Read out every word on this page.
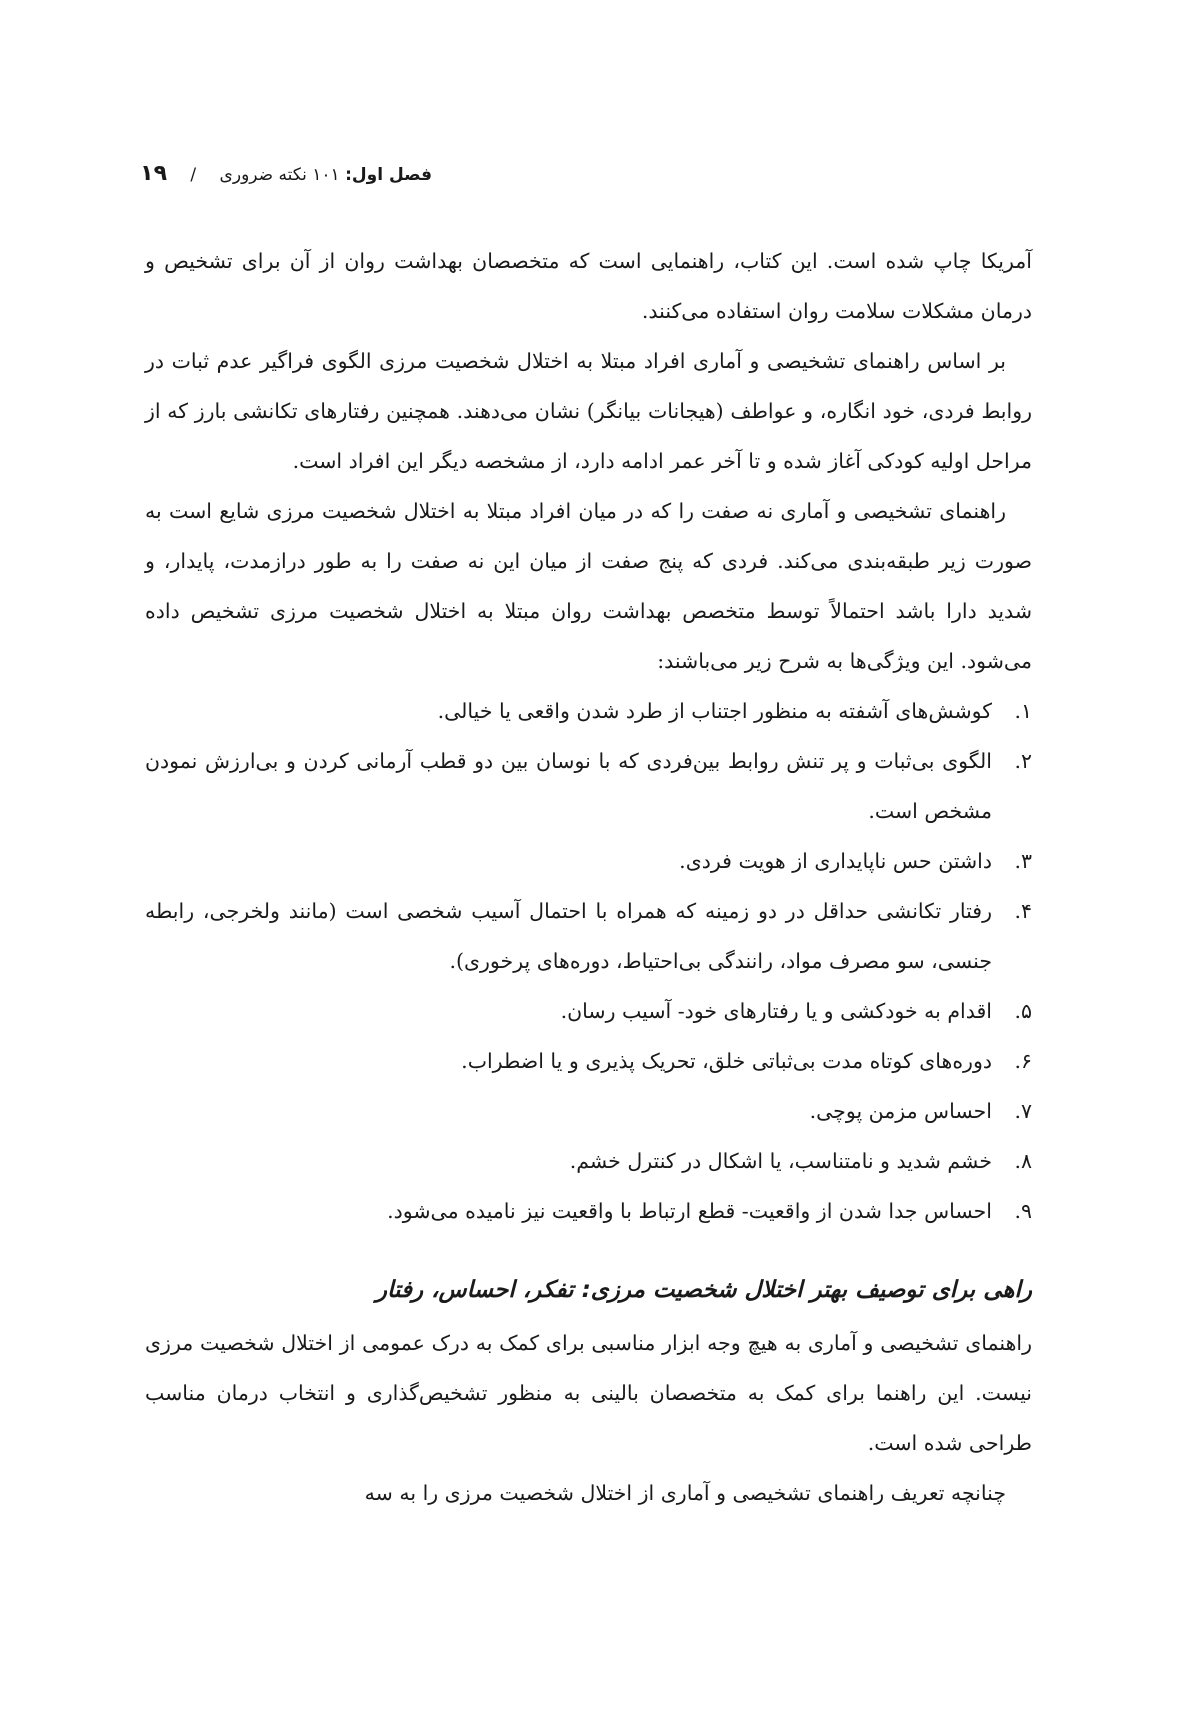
فصل اول: ۱۰۱ نکته ضروری / ۱۹

آمریکا چاپ شده است. این کتاب، راهنمایی است که متخصصان بهداشت روان از آن برای تشخیص و درمان مشکلات سلامت روان استفاده می‌کنند.

بر اساس راهنمای تشخیصی و آماری افراد مبتلا به اختلال شخصیت مرزی الگوی فراگیر عدم ثبات در روابط فردی، خود انگاره، و عواطف (هیجانات بیانگر) نشان می‌دهند. همچنین رفتارهای تکانشی بارز که از مراحل اولیه کودکی آغاز شده و تا آخر عمر ادامه دارد، از مشخصه دیگر این افراد است.

راهنمای تشخیصی و آماری نه صفت را که در میان افراد مبتلا به اختلال شخصیت مرزی شایع است به صورت زیر طبقه‌بندی می‌کند. فردی که پنج صفت از میان این نه صفت را به طور درازمدت، پایدار، و شدید دارا باشد احتمالاً توسط متخصص بهداشت روان مبتلا به اختلال شخصیت مرزی تشخیص داده می‌شود. این ویژگی‌ها به شرح زیر می‌باشند:

۱.
کوشش‌های آشفته به منظور اجتناب از طرد شدن واقعی یا خیالی.
۲.
الگوی بی‌ثبات و پر تنش روابط بین‌فردی که با نوسان بین دو قطب آرمانی کردن و بی‌ارزش نمودن مشخص است.
۳.
داشتن حس ناپایداری از هویت فردی.
۴.
رفتار تکانشی حداقل در دو زمینه که همراه با احتمال آسیب شخصی است (مانند ولخرجی، رابطه جنسی، سو مصرف مواد، رانندگی بی‌احتیاط، دوره‌های پرخوری).
۵.
اقدام به خودکشی و یا رفتارهای خود- آسیب رسان.
۶.
دوره‌های کوتاه مدت بی‌ثباتی خلق، تحریک پذیری و یا اضطراب.
۷.
احساس مزمن پوچی.
۸.
خشم شدید و نامتناسب، یا اشکال در کنترل خشم.
۹.
احساس جدا شدن از واقعیت- قطع ارتباط با واقعیت نیز نامیده می‌شود.
راهی برای توصیف بهتر اختلال شخصیت مرزی: تفکر، احساس، رفتار

راهنمای تشخیصی و آماری به هیچ وجه ابزار مناسبی برای کمک به درک عمومی از اختلال شخصیت مرزی نیست. این راهنما برای کمک به متخصصان بالینی به منظور تشخیص‌گذاری و انتخاب درمان مناسب طراحی شده است.

چنانچه تعریف راهنمای تشخیصی و آماری از اختلال شخصیت مرزی را به سه
